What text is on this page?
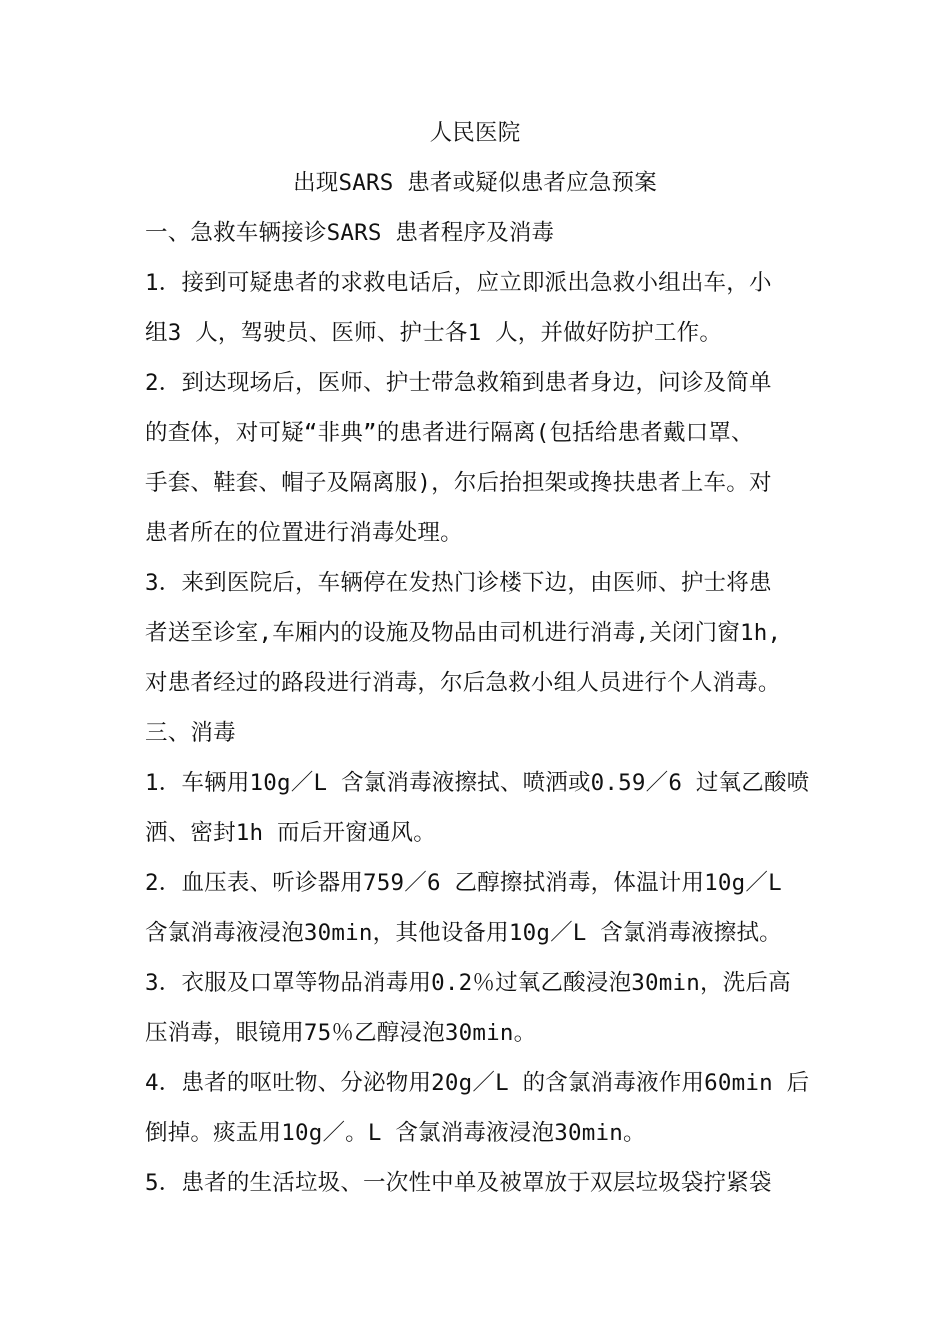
人民医院
出现SARS 患者或疑似患者应急预案
一、急救车辆接诊SARS 患者程序及消毒
1．接到可疑患者的求救电话后，应立即派出急救小组出车，小
组3 人，驾驶员、医师、护士各1 人，并做好防护工作。
2．到达现场后，医师、护士带急救箱到患者身边，问诊及简单
的查体，对可疑“非典”的患者进行隔离(包括给患者戴口罩、
手套、鞋套、帽子及隔离服)，尔后抬担架或搀扶患者上车。对
患者所在的位置进行消毒处理。
3．来到医院后，车辆停在发热门诊楼下边，由医师、护士将患
者送至诊室,车厢内的设施及物品由司机进行消毒,关闭门窗1h,
对患者经过的路段进行消毒，尔后急救小组人员进行个人消毒。
三、消毒
1．车辆用10g／L 含氯消毒液擦拭、喷洒或0.59／6 过氧乙酸喷
洒、密封1h 而后开窗通风。
2．血压表、听诊器用759／6 乙醇擦拭消毒，体温计用10g／L
含氯消毒液浸泡30min，其他设备用10g／L 含氯消毒液擦拭。
3．衣服及口罩等物品消毒用0.2％过氧乙酸浸泡30min，洗后高
压消毒，眼镜用75％乙醇浸泡30min。
4．患者的呕吐物、分泌物用20g／L 的含氯消毒液作用60min 后
倒掉。痰盂用10g／。L 含氯消毒液浸泡30min。
5．患者的生活垃圾、一次性中单及被罩放于双层垃圾袋拧紧袋
